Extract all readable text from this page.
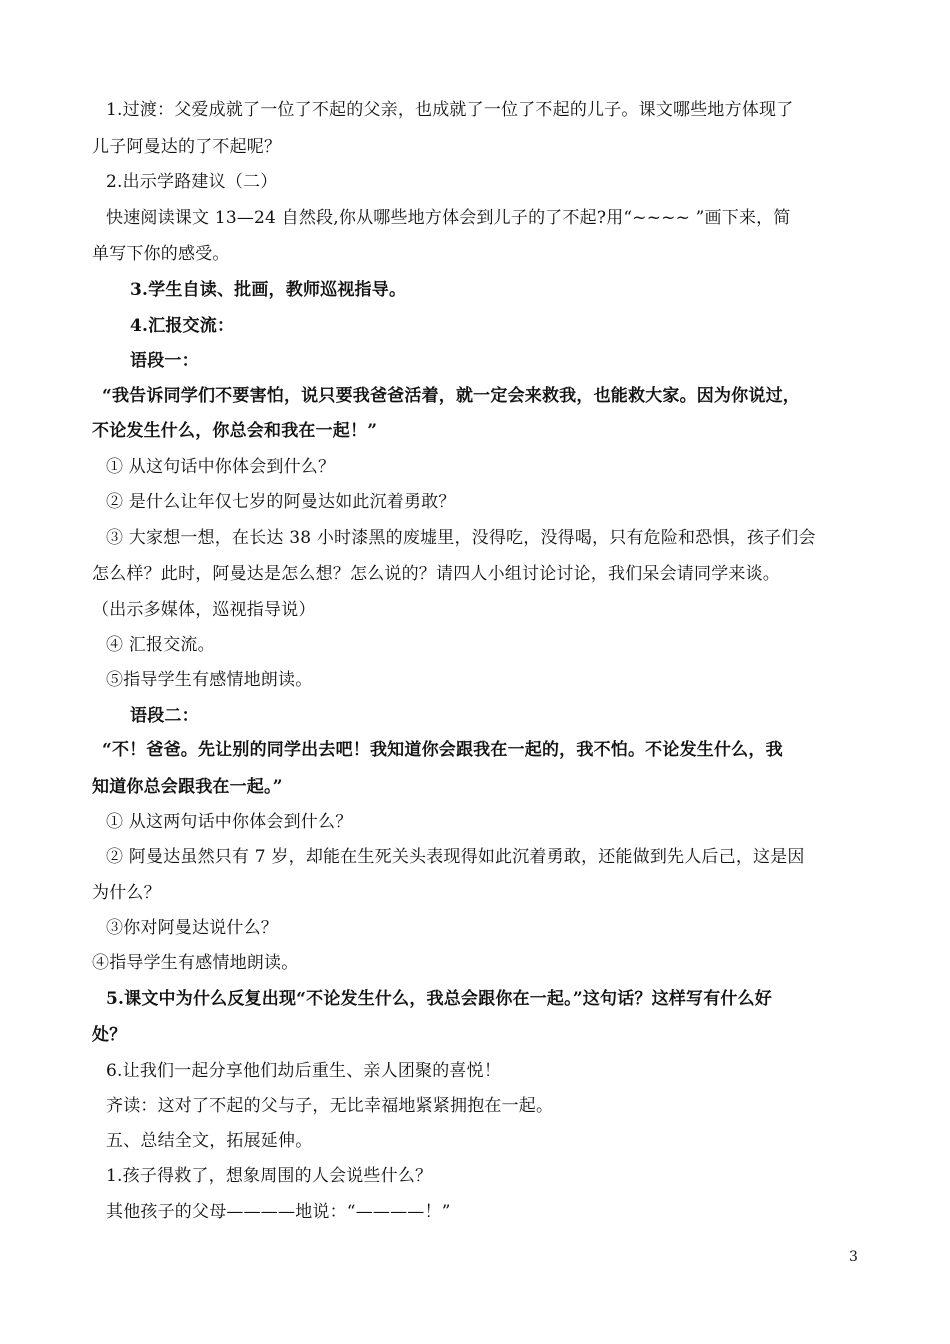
1.过渡：父爱成就了一位了不起的父亲，也成就了一位了不起的儿子。课文哪些地方体现了
儿子阿曼达的了不起呢？
2.出示学路建议（二）
快速阅读课文 13—24 自然段,你从哪些地方体会到儿子的了不起?用“~~~~ ”画下来，简
单写下你的感受。
3.学生自读、批画，教师巡视指导。
4.汇报交流：
语段一：
“我告诉同学们不要害怕，说只要我爸爸活着，就一定会来救我，也能救大家。因为你说过，
不论发生什么，你总会和我在一起！”
① 从这句话中你体会到什么？
② 是什么让年仅七岁的阿曼达如此沉着勇敢？
③ 大家想一想，在长达 38 小时漆黑的废墟里，没得吃，没得喝，只有危险和恐惧，孩子们会
怎么样？此时，阿曼达是怎么想？怎么说的？请四人小组讨论讨论，我们呆会请同学来谈。
（出示多媒体，巡视指导说）
④ 汇报交流。
⑤指导学生有感情地朗读。
语段二：
“不！爸爸。先让别的同学出去吧！我知道你会跟我在一起的，我不怕。不论发生什么，我
知道你总会跟我在一起。”
① 从这两句话中你体会到什么？
② 阿曼达虽然只有 7 岁，却能在生死关头表现得如此沉着勇敢，还能做到先人后己，这是因
为什么？
③你对阿曼达说什么？
④指导学生有感情地朗读。
5.课文中为什么反复出现“不论发生什么，我总会跟你在一起。”这句话？这样写有什么好
处？
6.让我们一起分享他们劫后重生、亲人团聚的喜悦！
齐读：这对了不起的父与子，无比幸福地紧紧拥抱在一起。
五、总结全文，拓展延伸。
1.孩子得救了，想象周围的人会说些什么？
其他孩子的父母————地说：“————！”
3
